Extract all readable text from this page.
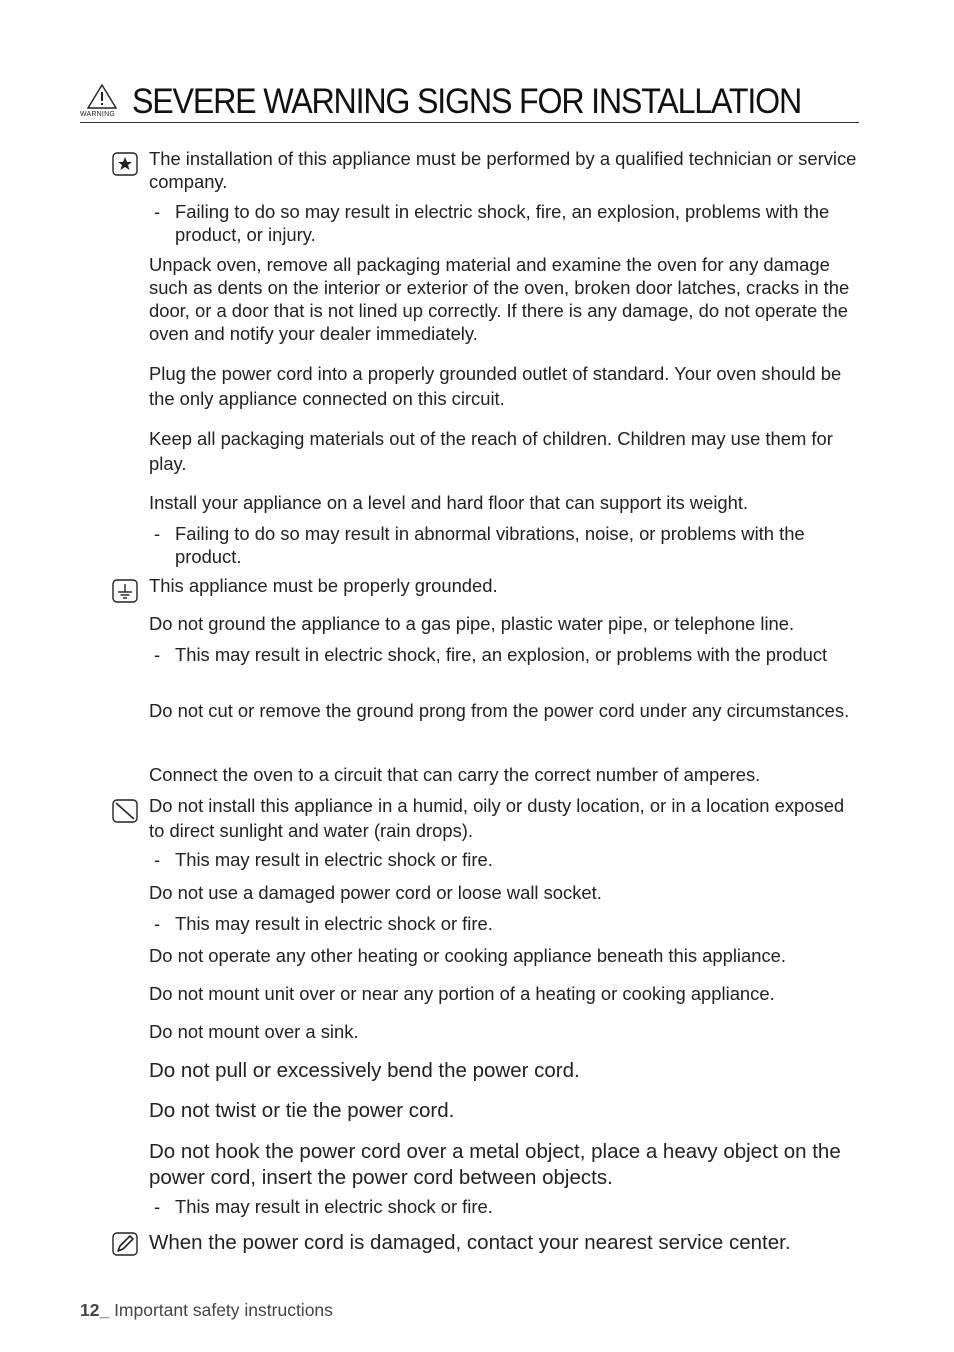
WARNING SEVERE WARNING SIGNS FOR INSTALLATION
The installation of this appliance must be performed by a qualified technician or service company.
- Failing to do so may result in electric shock, fire, an explosion, problems with the product, or injury.
Unpack oven, remove all packaging material and examine the oven for any damage such as dents on the interior or exterior of the oven, broken door latches, cracks in the door, or a door that is not lined up correctly. If there is any damage, do not operate the oven and notify your dealer immediately.
Plug the power cord into a properly grounded outlet of standard. Your oven should be the only appliance connected on this circuit.
Keep all packaging materials out of the reach of children. Children may use them for play.
Install your appliance on a level and hard floor that can support its weight.
- Failing to do so may result in abnormal vibrations, noise, or problems with the product.
This appliance must be properly grounded.
Do not ground the appliance to a gas pipe, plastic water pipe, or telephone line.
- This may result in electric shock, fire, an explosion, or problems with the product
Do not cut or remove the ground prong from the power cord under any circumstances.
Connect the oven to a circuit that can carry the correct number of amperes.
Do not install this appliance in a humid, oily or dusty location, or in a location exposed to direct sunlight and water (rain drops).
- This may result in electric shock or fire.
Do not use a damaged power cord or loose wall socket.
- This may result in electric shock or fire.
Do not operate any other heating or cooking appliance beneath this appliance.
Do not mount unit over or near any portion of a heating or cooking appliance.
Do not mount over a sink.
Do not pull or excessively bend the power cord.
Do not twist or tie the power cord.
Do not hook the power cord over a metal object, place a heavy object on the power cord, insert the power cord between objects.
- This may result in electric shock or fire.
When the power cord is damaged, contact your nearest service center.
12_ Important safety instructions
